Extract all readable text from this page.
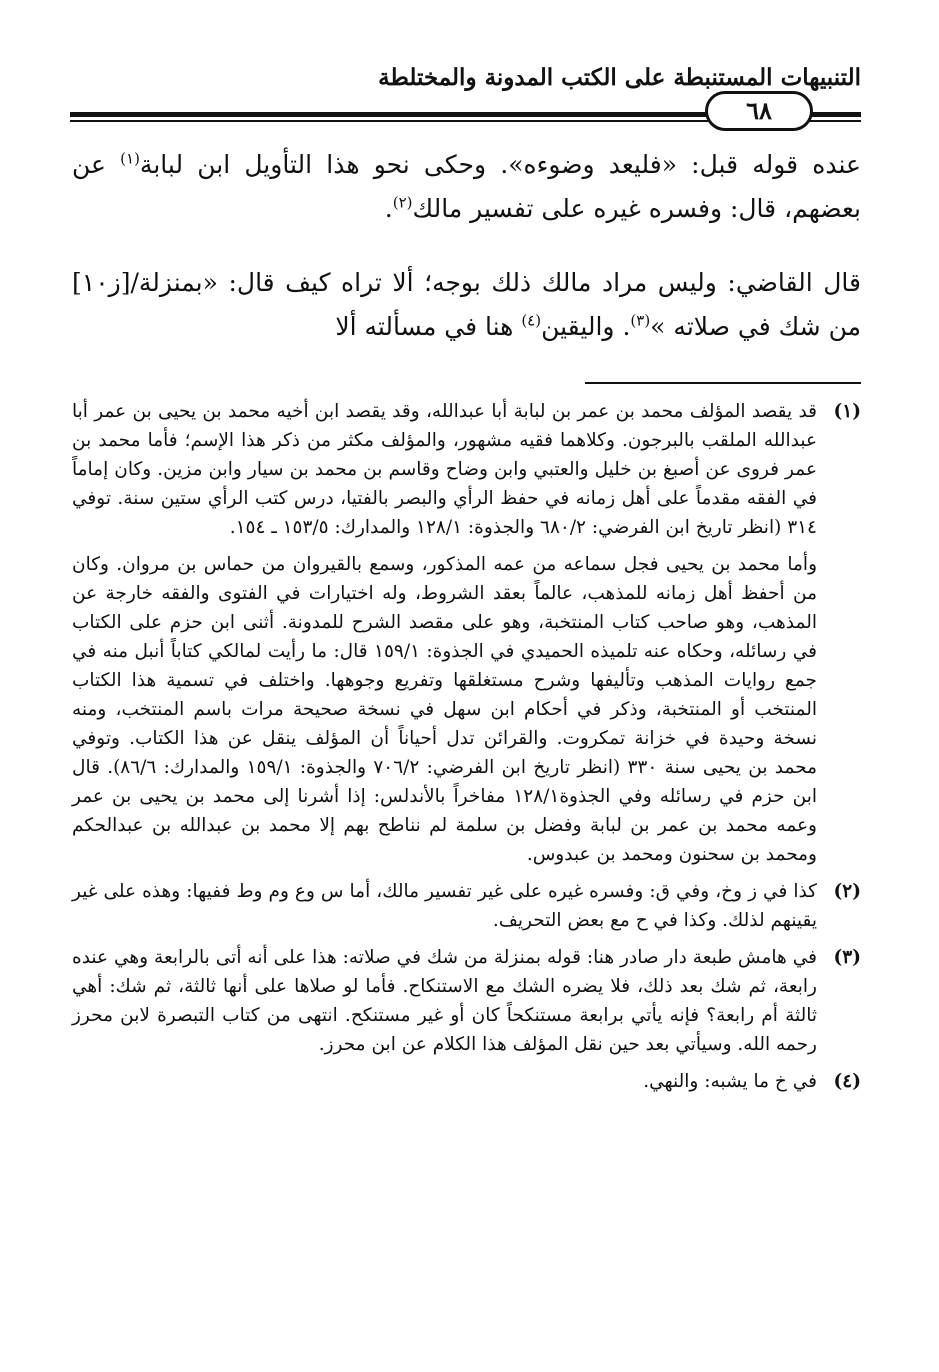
التنبيهات المستنبطة على الكتب المدونة والمختلطة
٦٨

عنده قوله قبل: «فليعد وضوءه». وحكى نحو هذا التأويل ابن لبابة$^{(١)}$ عن بعضهم، قال: وفسره غيره على تفسير مالك$^{(٢)}$.

قال القاضي: وليس مراد مالك ذلك بوجه؛ ألا تراه كيف قال: «بمنزلة/[ز١٠] من شك في صلاته »$^{(٣)}$. واليقين$^{(٤)}$ هنا في مسألته ألا

(١)
قد يقصد المؤلف محمد بن عمر بن لبابة أبا عبدالله، وقد يقصد ابن أخيه محمد بن يحيى بن عمر أبا عبدالله الملقب بالبرجون. وكلاهما فقيه مشهور، والمؤلف مكثر من ذكر هذا الإسم؛ فأما محمد بن عمر فروى عن أصبغ بن خليل والعتبي وابن وضاح وقاسم بن محمد بن سيار وابن مزين. وكان إماماً في الفقه مقدماً على أهل زمانه في حفظ الرأي والبصر بالفتيا، درس كتب الرأي ستين سنة. توفي ٣١٤ (انظر تاريخ ابن الفرضي: ٦٨٠/٢ والجذوة: ١٢٨/١ والمدارك: ١٥٣/٥ ـ ١٥٤.
وأما محمد بن يحيى فجل سماعه من عمه المذكور، وسمع بالقيروان من حماس بن مروان. وكان من أحفظ أهل زمانه للمذهب، عالماً بعقد الشروط، وله اختيارات في الفتوى والفقه خارجة عن المذهب، وهو صاحب كتاب المنتخبة، وهو على مقصد الشرح للمدونة. أثنى ابن حزم على الكتاب في رسائله، وحكاه عنه تلميذه الحميدي في الجذوة: ١٥٩/١ قال: ما رأيت لمالكي كتاباً أنبل منه في جمع روايات المذهب وتأليفها وشرح مستغلقها وتفريع وجوهها. واختلف في تسمية هذا الكتاب المنتخب أو المنتخبة، وذكر في أحكام ابن سهل في نسخة صحيحة مرات باسم المنتخب، ومنه نسخة وحيدة في خزانة تمكروت. والقرائن تدل أحياناً أن المؤلف ينقل عن هذا الكتاب. وتوفي محمد بن يحيى سنة ٣٣٠ (انظر تاريخ ابن الفرضي: ٧٠٦/٢ والجذوة: ١٥٩/١ والمدارك: ٨٦/٦). قال ابن حزم في رسائله وفي الجذوة١٢٨/١ مفاخراً بالأندلس: إذا أشرنا إلى محمد بن يحيى بن عمر وعمه محمد بن عمر بن لبابة وفضل بن سلمة لم نناطح بهم إلا محمد بن عبدالله بن عبدالحكم ومحمد بن سحنون ومحمد بن عبدوس.
(٢)
كذا في ز وخ، وفي ق: وفسره غيره على غير تفسير مالك، أما س وع وم وط ففيها: وهذه على غير يقينهم لذلك. وكذا في ح مع بعض التحريف.
(٣)
في هامش طبعة دار صادر هنا: قوله بمنزلة من شك في صلاته: هذا على أنه أتى بالرابعة وهي عنده رابعة، ثم شك بعد ذلك، فلا يضره الشك مع الاستنكاح. فأما لو صلاها على أنها ثالثة، ثم شك: أهي ثالثة أم رابعة؟ فإنه يأتي برابعة مستنكحاً كان أو غير مستنكح. انتهى من كتاب التبصرة لابن محرز رحمه الله. وسيأتي بعد حين نقل المؤلف هذا الكلام عن ابن محرز.
(٤)
في خ ما يشبه: والنهي.
